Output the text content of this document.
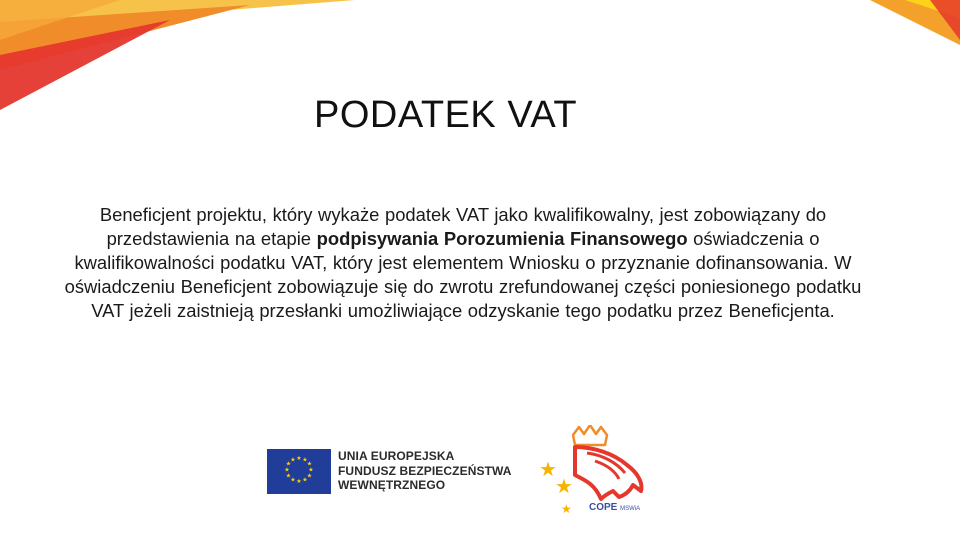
PODATEK VAT
Beneficjent projektu, który wykaże podatek VAT jako kwalifikowalny, jest zobowiązany do przedstawienia na etapie podpisywania Porozumienia Finansowego oświadczenia o kwalifikowalności podatku VAT, który jest elementem Wniosku o przyznanie dofinansowania. W oświadczeniu Beneficjent zobowiązuje się do zwrotu zrefundowanej części poniesionego podatku VAT jeżeli zaistnieją przesłanki umożliwiające odzyskanie tego podatku przez Beneficjenta.
★ ★
★
★
★
★
★
★
★
★
★
★	UNIA EUROPEJSKA
FUNDUSZ BEZPIECZEŃSTWA
WEWNĘTRZNEGO
★
★
★ COPE MSWiA
